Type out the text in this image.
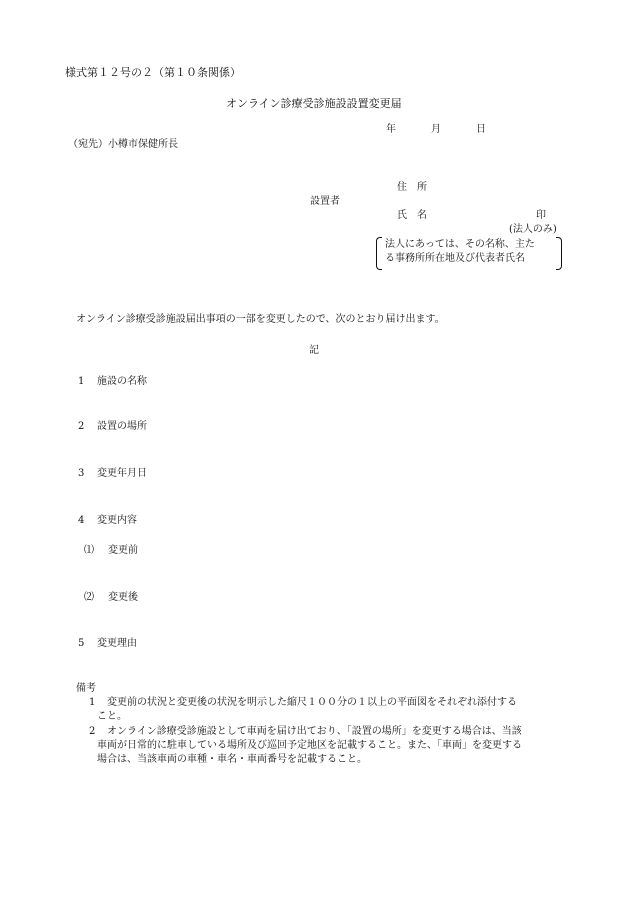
様式第１２号の２（第１０条関係）
オンライン診療受診施設設置変更届
年	月	日
（宛先）小樽市保健所長
住　所
設置者
氏　名	印
(法人のみ)
法人にあっては、その名称、主た
る事務所所在地及び代表者氏名
オンライン診療受診施設届出事項の一部を変更したので、次のとおり届け出ます。
記
1 施設の名称
2 設置の場所
3 変更年月日
4 変更内容
⑴ 変更前
⑵ 変更後
5 変更理由
備考
1 変更前の状況と変更後の状況を明示した縮尺１００分の１以上の平面図をそれぞれ添付する
こと。
2 オンライン診療受診施設として車両を届け出ており、「設置の場所」を変更する場合は、当該
車両が日常的に駐車している場所及び巡回予定地区を記載すること。また、「車両」を変更する
場合は、当該車両の車種・車名・車両番号を記載すること。
